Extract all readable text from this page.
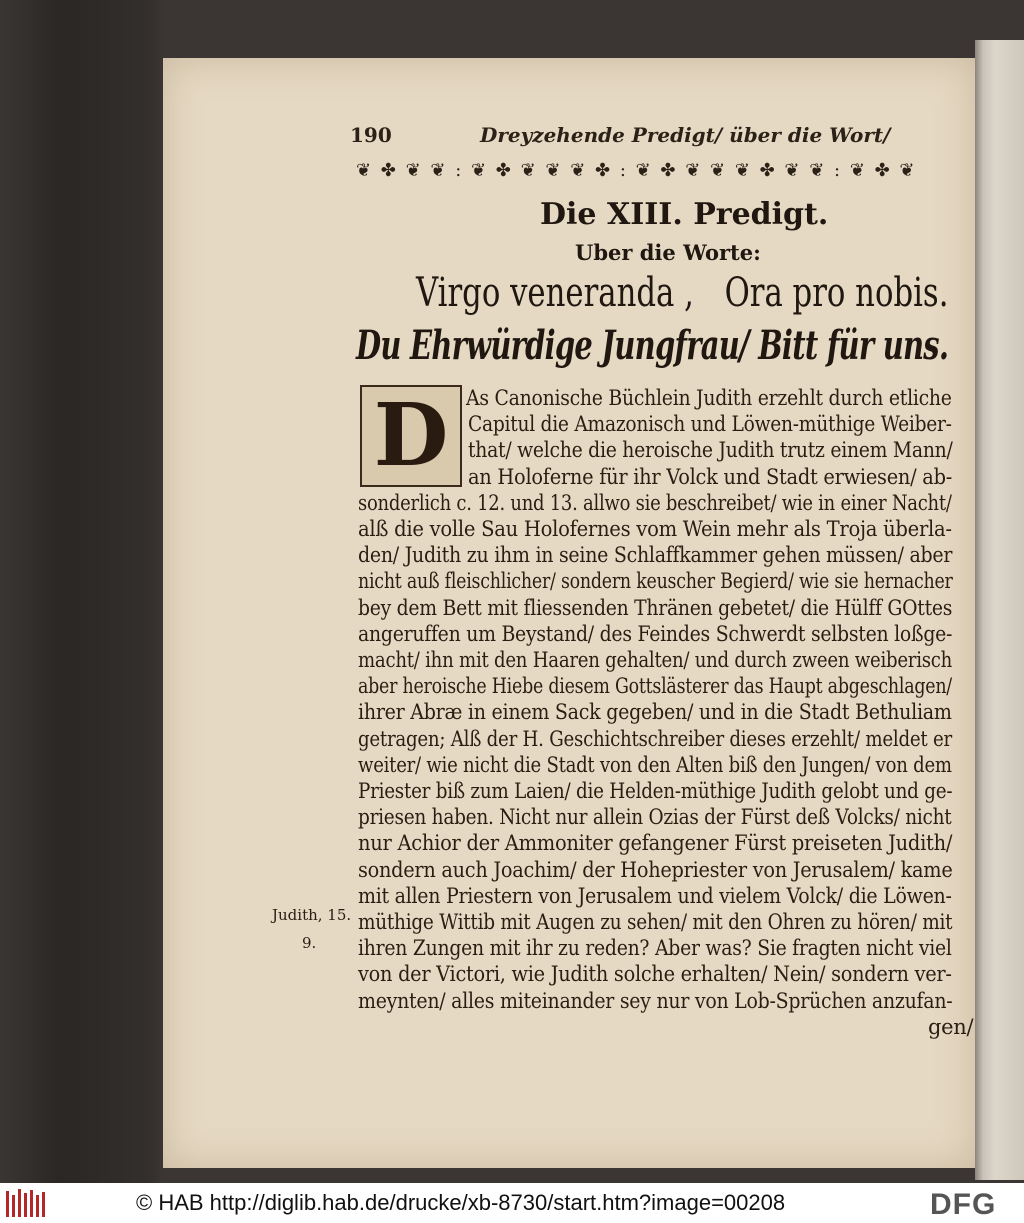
190	Dreyzehende Predigt/ über die Wort/
❦ ✤ ❦ ❦ : ❦ ✤ ❦ ❦ ❦ ✤ : ❦ ✤ ❦ ❦ ❦ ✤ ❦ ❦ : ❦ ✤ ❦
Die XIII. Predigt.
Uber die Worte:
Virgo veneranda , Ora pro nobis.
Du Ehrwürdige Jungfrau/ Bitt für uns.
D As Canonische Büchlein Judith erzehlt durch etliche
Capitul die Amazonisch und Löwen-müthige Weiber-
that/ welche die heroische Judith trutz einem Mann/
an Holoferne für ihr Volck und Stadt erwiesen/ ab-
sonderlich c. 12. und 13. allwo sie beschreibet/ wie in einer Nacht/
alß die volle Sau Holofernes vom Wein mehr als Troja überla-
den/ Judith zu ihm in seine Schlaffkammer gehen müssen/ aber
nicht auß fleischlicher/ sondern keuscher Begierd/ wie sie hernacher
bey dem Bett mit fliessenden Thränen gebetet/ die Hülff GOttes
angeruffen um Beystand/ des Feindes Schwerdt selbsten loßge-
macht/ ihn mit den Haaren gehalten/ und durch zween weiberisch
aber heroische Hiebe diesem Gottslästerer das Haupt abgeschlagen/
ihrer Abræ in einem Sack gegeben/ und in die Stadt Bethuliam
getragen; Alß der H. Geschichtschreiber dieses erzehlt/ meldet er
weiter/ wie nicht die Stadt von den Alten biß den Jungen/ von dem
Priester biß zum Laien/ die Helden-müthige Judith gelobt und ge-
priesen haben. Nicht nur allein Ozias der Fürst deß Volcks/ nicht
nur Achior der Ammoniter gefangener Fürst preiseten Judith/
sondern auch Joachim/ der Hohepriester von Jerusalem/ kame
mit allen Priestern von Jerusalem und vielem Volck/ die Löwen-
müthige Wittib mit Augen zu sehen/ mit den Ohren zu hören/ mit
ihren Zungen mit ihr zu reden? Aber was? Sie fragten nicht viel
von der Victori, wie Judith solche erhalten/ Nein/ sondern ver-
meynten/ alles miteinander sey nur von Lob-Sprüchen anzufan-
gen/
Judith, 15.
9.
© HAB http://diglib.hab.de/drucke/xb-8730/start.htm?image=00208	DFG
